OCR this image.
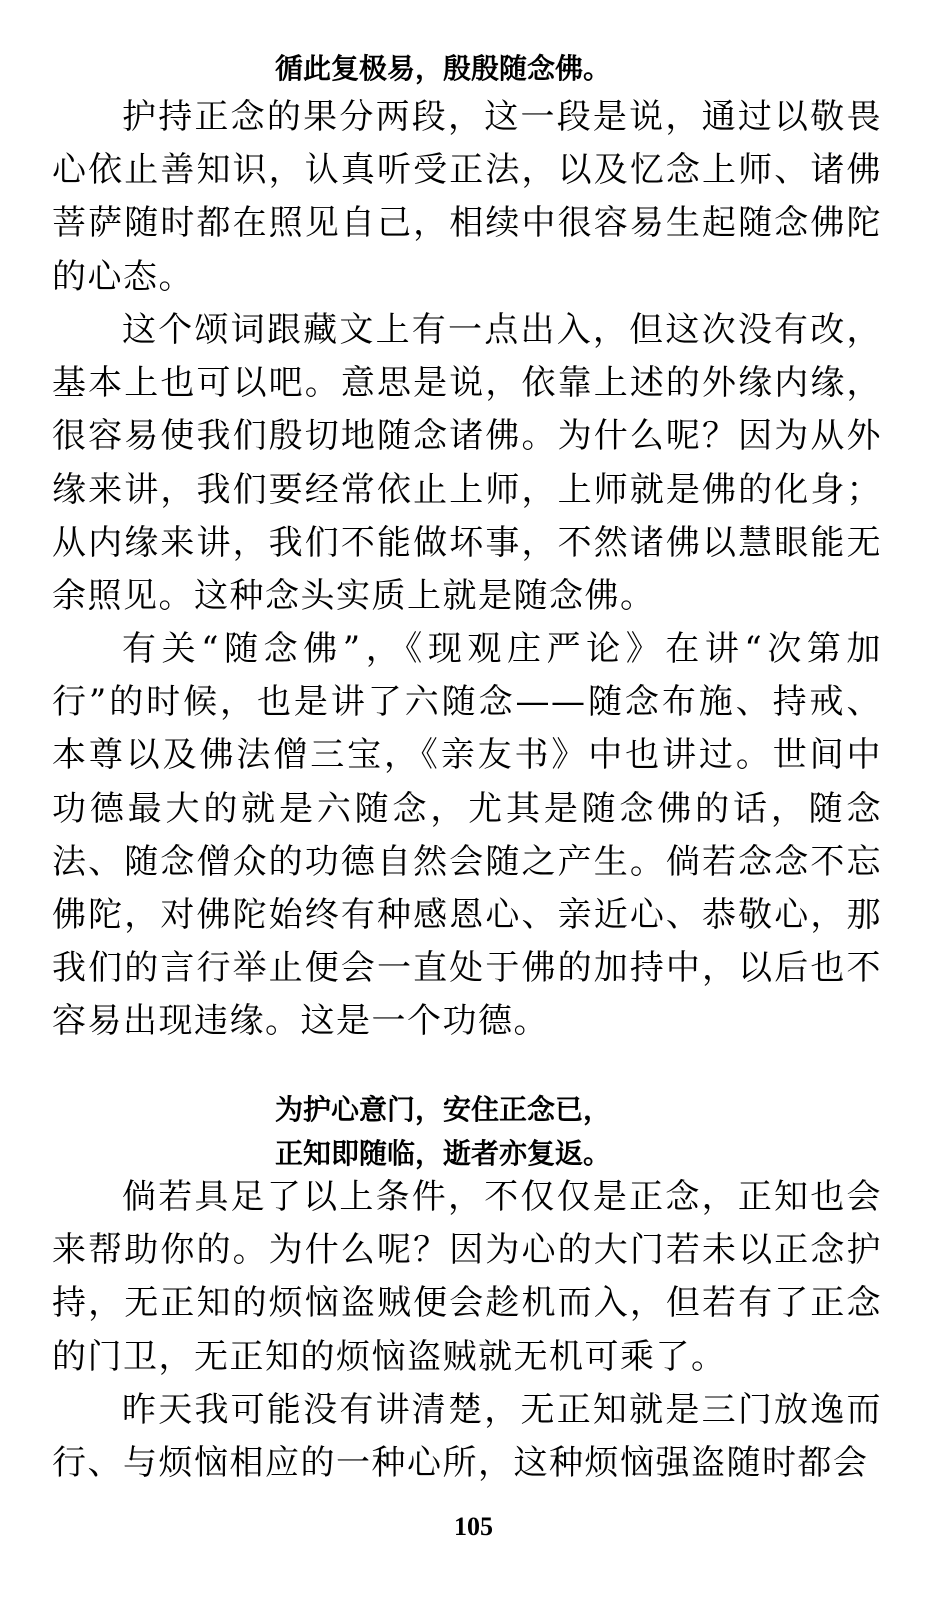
循此复极易，殷殷随念佛。

护持正念的果分两段，这一段是说，通过以敬畏心依止善知识，认真听受正法，以及忆念上师、诸佛菩萨随时都在照见自己，相续中很容易生起随念佛陀的心态。

这个颂词跟藏文上有一点出入，但这次没有改，基本上也可以吧。意思是说，依靠上述的外缘内缘，很容易使我们殷切地随念诸佛。为什么呢？因为从外缘来讲，我们要经常依止上师，上师就是佛的化身；从内缘来讲，我们不能做坏事，不然诸佛以慧眼能无余照见。这种念头实质上就是随念佛。

有关“随念佛”，《现观庄严论》在讲“次第加行”的时候，也是讲了六随念——随念布施、持戒、本尊以及佛法僧三宝，《亲友书》中也讲过。世间中功德最大的就是六随念，尤其是随念佛的话，随念法、随念僧众的功德自然会随之产生。倘若念念不忘佛陀，对佛陀始终有种感恩心、亲近心、恭敬心，那我们的言行举止便会一直处于佛的加持中，以后也不容易出现违缘。这是一个功德。

为护心意门，安住正念已，
正知即随临，逝者亦复返。

倘若具足了以上条件，不仅仅是正念，正知也会来帮助你的。为什么呢？因为心的大门若未以正念护持，无正知的烦恼盗贼便会趁机而入，但若有了正念的门卫，无正知的烦恼盗贼就无机可乘了。

昨天我可能没有讲清楚，无正知就是三门放逸而行、与烦恼相应的一种心所，这种烦恼强盗随时都会

105
